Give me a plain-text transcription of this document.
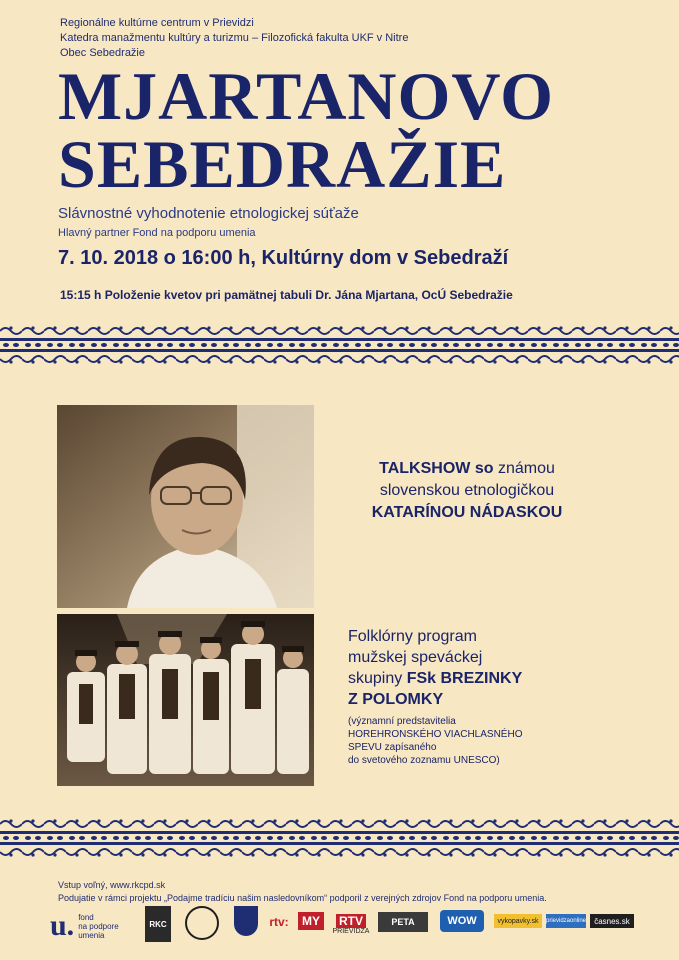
Regionálne kultúrne centrum v Prievidzi
Katedra manažmentu kultúry a turizmu – Filozofická fakulta UKF v Nitre
Obec Sebedražie
MJARTANOVO
SEBEDRAŽIE
Slávnostné vyhodnotenie etnologickej súťaže
Hlavný partner Fond na podporu umenia
7. 10. 2018 o 16:00 h, Kultúrny dom v Sebedraží
15:15 h Položenie kvetov pri pamätnej tabuli Dr. Jána Mjartana, OcÚ Sebedražie
TALKSHOW so známou
slovenskou etnologičkou
KATARÍNOU NÁDASKOU
Folklórny program
mužskej speváckej
skupiny FSk BREZINKY
Z POLOMKY
(významní predstavitelia
HOREHRONSKÉHO VIACHLASNÉHO
SPEVU zapísaného
do svetového zoznamu UNESCO)
Vstup voľný, www.rkcpd.sk
Podujatie v rámci projektu „Podajme tradíciu našim nasledovníkom“ podporil z verejných zdrojov Fond na podporu umenia.
u. fond
na podpore
umenia
RKC	rtv:	MY	RTV
PRIEVIDZA
PETA	WOW	vykopavky.sk	prievidzaonline	časnes.sk
